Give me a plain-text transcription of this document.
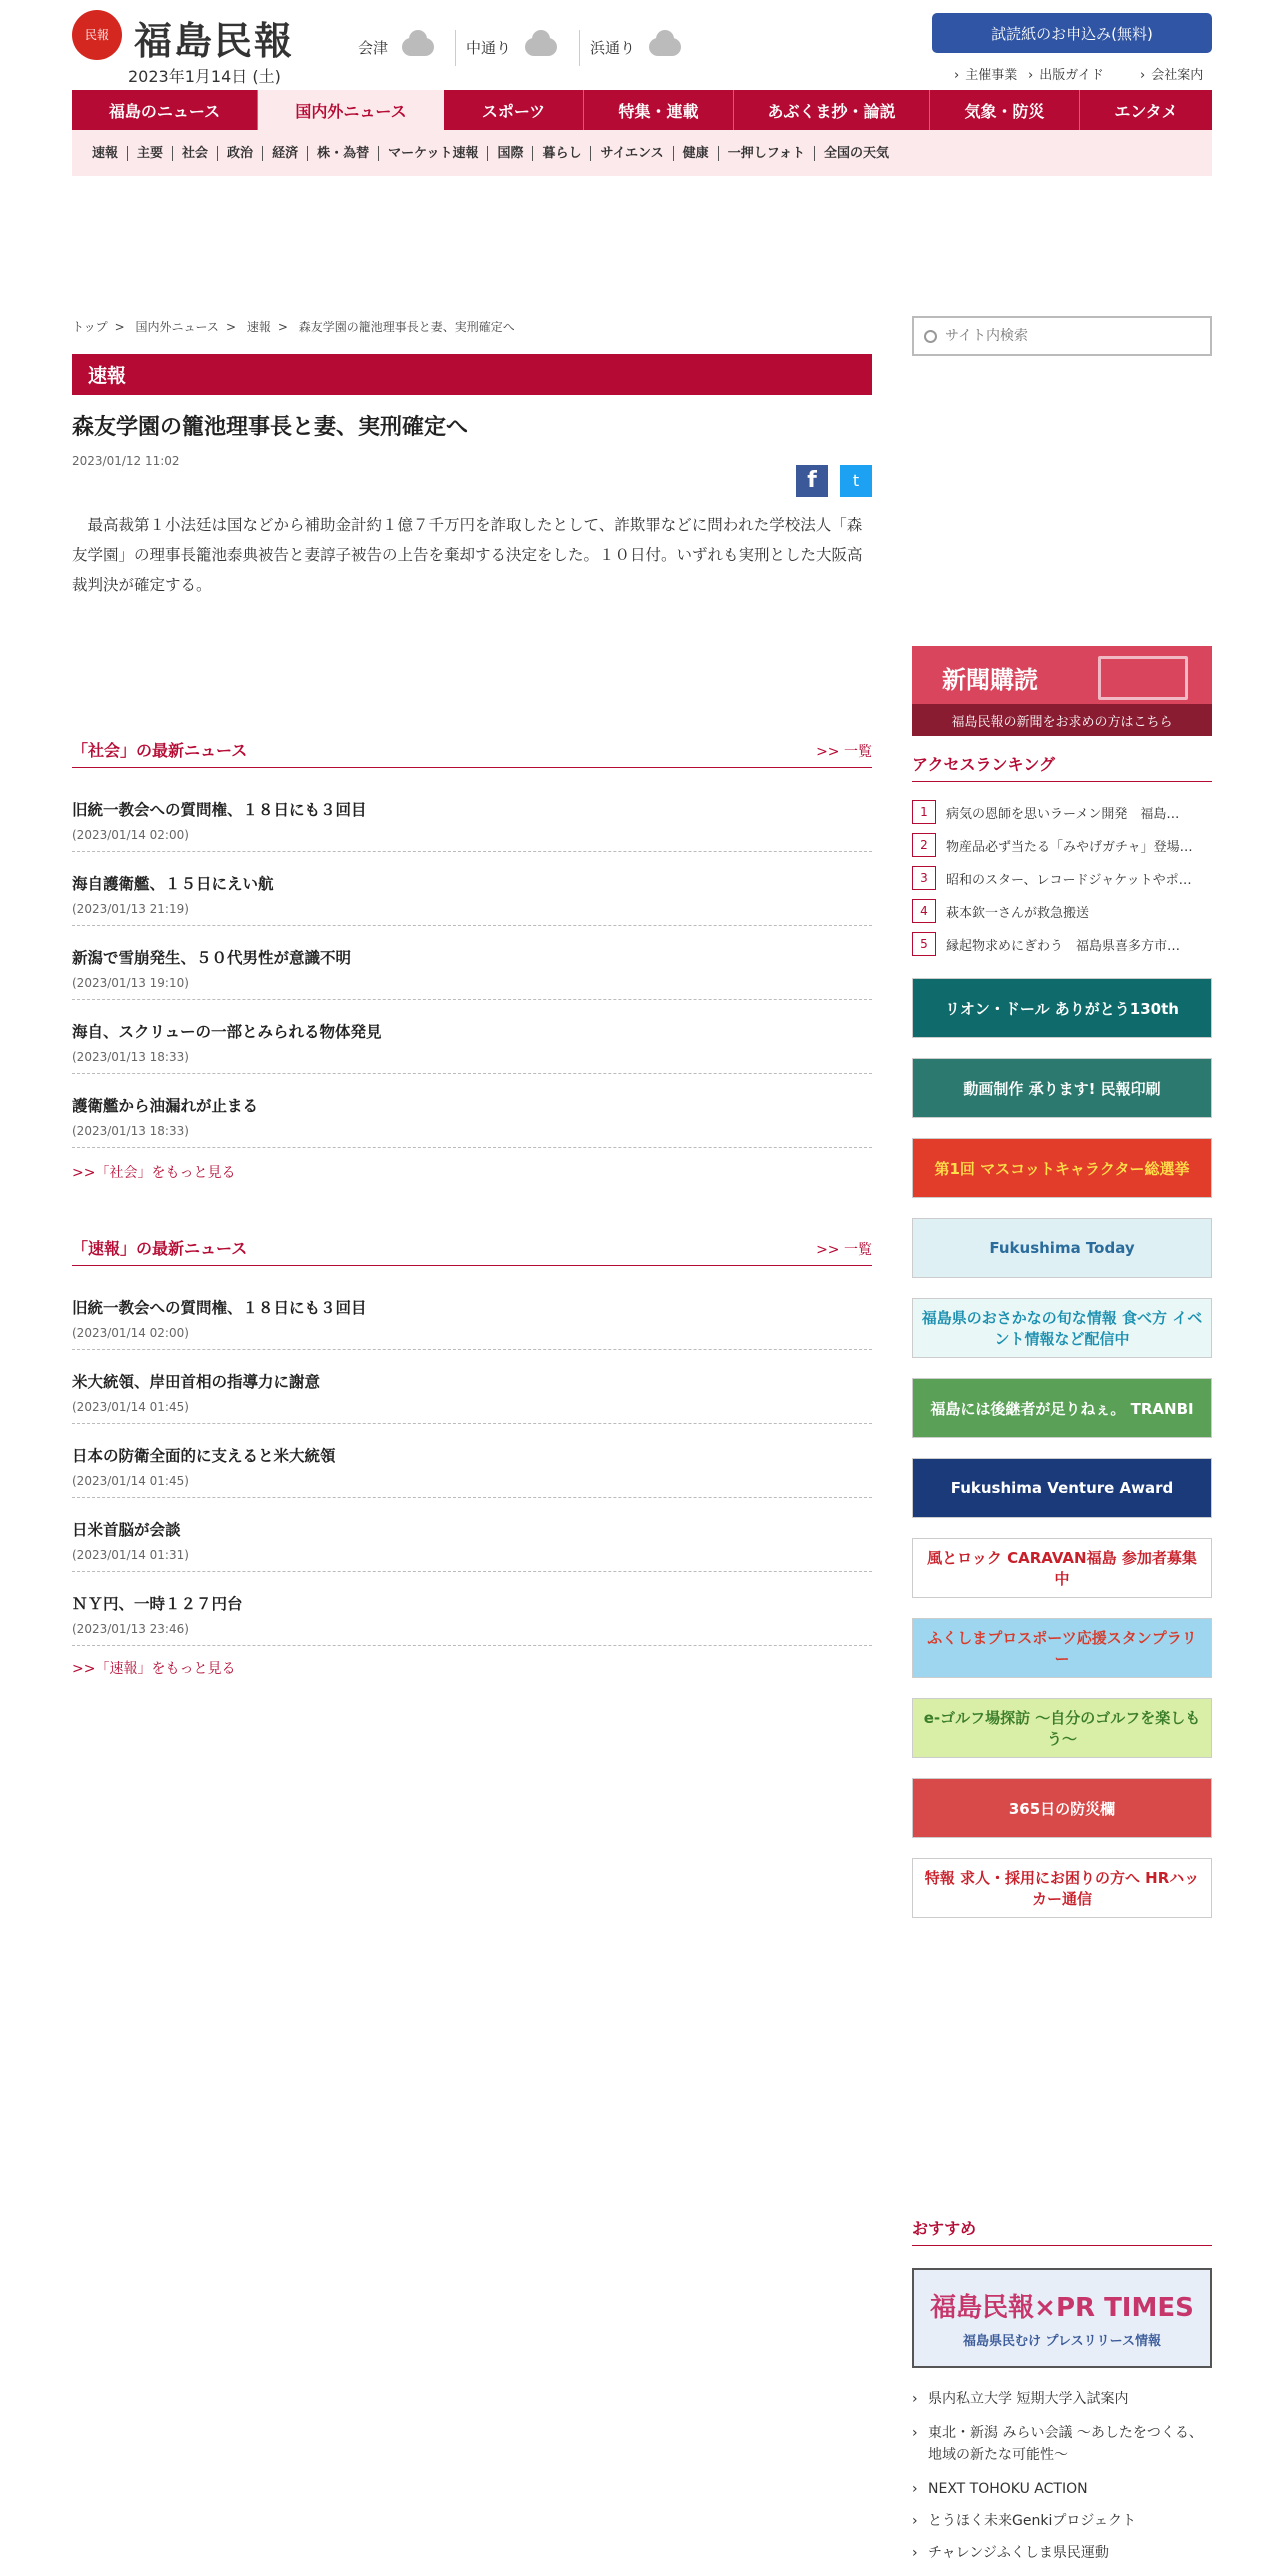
民報 福島民報
2023年1月14日 (土)
会津	中通り	浜通り
試読紙のお申込み(無料)
› 主催事業 › 出版ガイド	› 会社案内
福島のニュース	国内外ニュース	スポーツ	特集・連載	あぶくま抄・論説	気象・防災	エンタメ
速報	主要	社会	政治	経済	株・為替	マーケット速報	国際	暮らし	サイエンス	健康	一押しフォト	全国の天気
トップ > 国内外ニュース > 速報 > 森友学園の籠池理事長と妻、実刑確定へ
速報
森友学園の籠池理事長と妻、実刑確定へ
2023/01/12 11:02
f	t

最高裁第１小法廷は国などから補助金計約１億７千万円を詐取したとして、詐欺罪などに問われた学校法人「森友学園」の理事長籠池泰典被告と妻諄子被告の上告を棄却する決定をした。１０日付。いずれも実刑とした大阪高裁判決が確定する。

「社会」の最新ニュース	>> 一覧
旧統一教会への質問権、１８日にも３回目
(2023/01/14 02:00)
海自護衛艦、１５日にえい航
(2023/01/13 21:19)
新潟で雪崩発生、５０代男性が意識不明
(2023/01/13 19:10)
海自、スクリューの一部とみられる物体発見
(2023/01/13 18:33)
護衛艦から油漏れが止まる
(2023/01/13 18:33)
>>「社会」をもっと見る
「速報」の最新ニュース	>> 一覧
旧統一教会への質問権、１８日にも３回目
(2023/01/14 02:00)
米大統領、岸田首相の指導力に謝意
(2023/01/14 01:45)
日本の防衛全面的に支えると米大統領
(2023/01/14 01:45)
日米首脳が会談
(2023/01/14 01:31)
ＮＹ円、一時１２７円台
(2023/01/13 23:46)
>>「速報」をもっと見る
サイト内検索
新聞購読
福島民報の新聞をお求めの方はこちら
アクセスランキング
1	病気の恩師を思いラーメン開発　福島…
2	物産品必ず当たる「みやげガチャ」登場…
3	昭和のスター、レコードジャケットやポ…
4	萩本欽一さんが救急搬送
5	縁起物求めにぎわう　福島県喜多方市…
リオン・ドール ありがとう130th
動画制作 承ります! 民報印刷
第1回 マスコットキャラクター総選挙
Fukushima Today
福島県のおさかなの旬な情報 食べ方 イベント情報など配信中
福島には後継者が足りねぇ。 TRANBI
Fukushima Venture Award
風とロック CARAVAN福島 参加者募集中
ふくしまプロスポーツ応援スタンプラリー
e-ゴルフ場探訪 ～自分のゴルフを楽しもう～
365日の防災欄
特報 求人・採用にお困りの方へ HRハッカー通信
おすすめ
福島民報×PR TIMES
福島県民むけ プレスリリース情報
› 県内私立大学 短期大学入試案内
› 東北・新潟 みらい会議 〜あしたをつくる、地域の新たな可能性〜
› NEXT TOHOKU ACTION
› とうほく未来Genkiプロジェクト
› チャレンジふくしま県民運動
